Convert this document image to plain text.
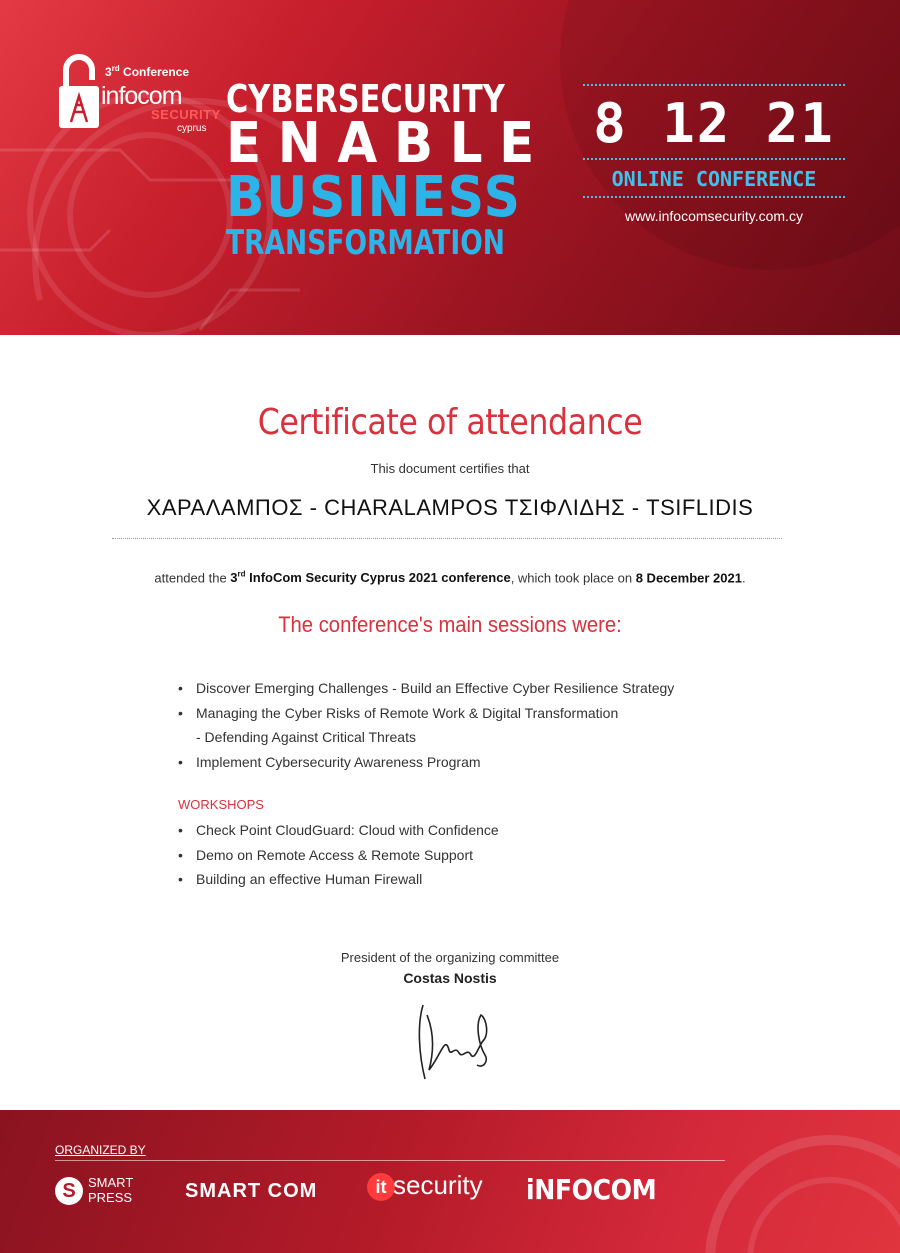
3rd Conference
infocom
SECURITY
cyprus
CYBERSECURITY
ENABLE
BUSINESS
TRANSFORMATION
8 12 21
ONLINE CONFERENCE
www.infocomsecurity.com.cy
Certificate of attendance
This document certifies that
ΧΑΡΑΛΑΜΠΟΣ - CHARALAMPOS ΤΣΙΦΛΙΔΗΣ - TSIFLIDIS
attended the 3rd InfoCom Security Cyprus 2021 conference, which took place on 8 December 2021.
The conference's main sessions were:
• Discover Emerging Challenges - Build an Effective Cyber Resilience Strategy
• Managing the Cyber Risks of Remote Work & Digital Transformation
- Defending Against Critical Threats
• Implement Cybersecurity Awareness Program
WORKSHOPS
• Check Point CloudGuard: Cloud with Confidence
• Demo on Remote Access & Remote Support
• Building an effective Human Firewall
President of the organizing committee
Costas Nostis
ORGANIZED BY
S SMART
PRESS	SMART COM	it security iNFOCOM
